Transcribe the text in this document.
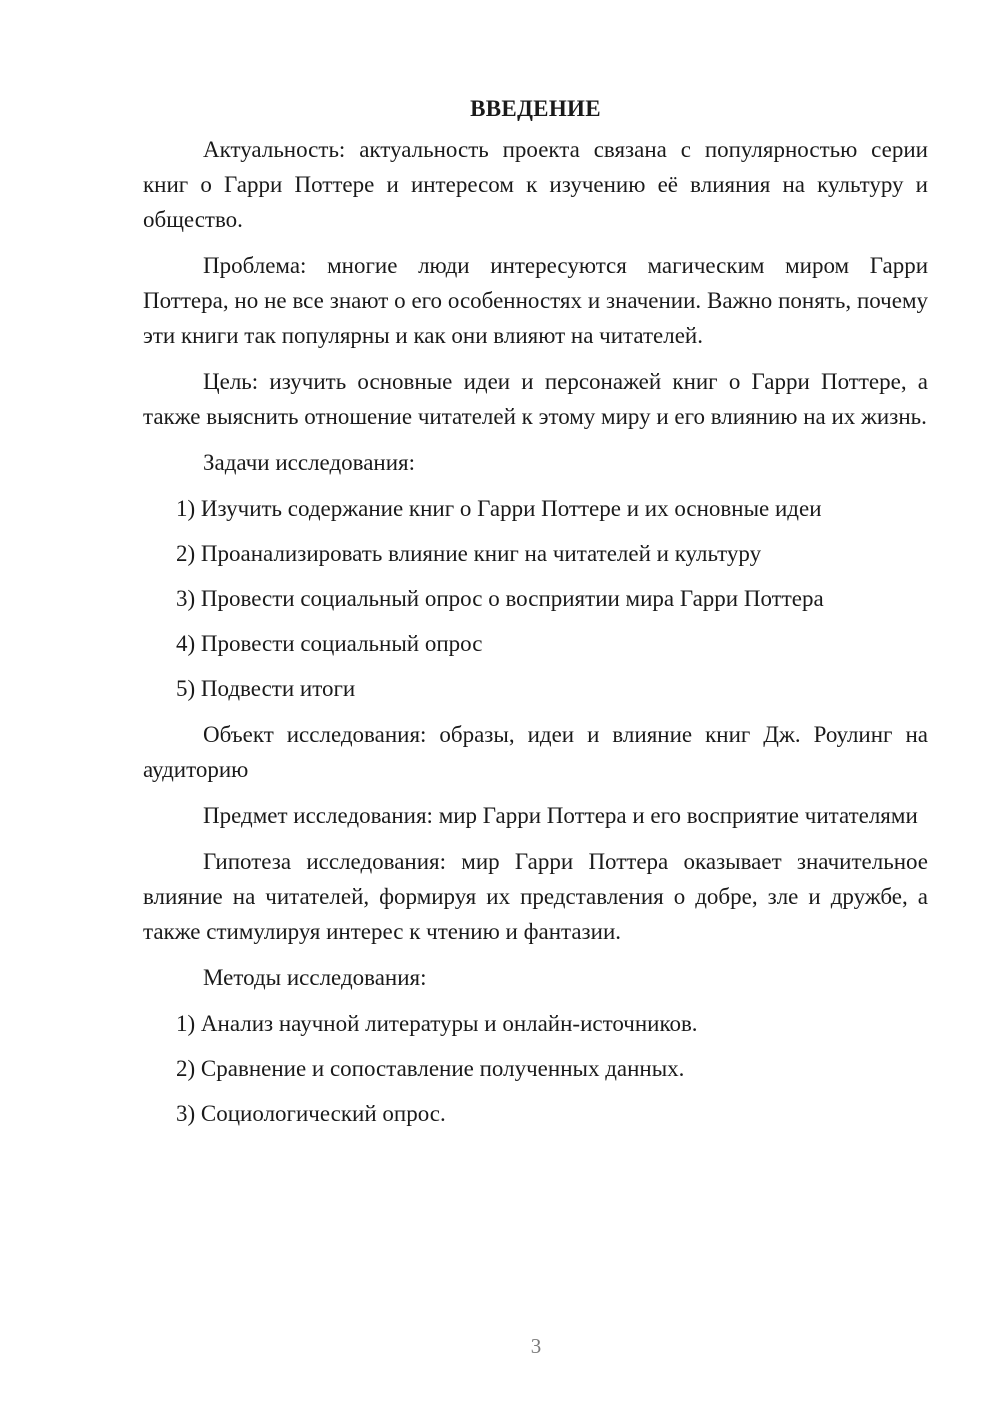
ВВЕДЕНИЕ

Актуальность: актуальность проекта связана с популярностью серии книг о Гарри Поттере и интересом к изучению её влияния на культуру и общество.

Проблема: многие люди интересуются магическим миром Гарри Поттера, но не все знают о его особенностях и значении. Важно понять, почему эти книги так популярны и как они влияют на читателей.

Цель: изучить основные идеи и персонажей книг о Гарри Поттере, а также выяснить отношение читателей к этому миру и его влиянию на их жизнь.

Задачи исследования:

1) Изучить содержание книг о Гарри Поттере и их основные идеи
2) Проанализировать влияние книг на читателей и культуру
3) Провести социальный опрос о восприятии мира Гарри Поттера
4) Провести социальный опрос
5) Подвести итоги

Объект исследования: образы, идеи и влияние книг Дж. Роулинг на аудиторию

Предмет исследования: мир Гарри Поттера и его восприятие читателями

Гипотеза исследования: мир Гарри Поттера оказывает значительное влияние на читателей, формируя их представления о добре, зле и дружбе, а также стимулируя интерес к чтению и фантазии.

Методы исследования:

1) Анализ научной литературы и онлайн-источников.
2) Сравнение и сопоставление полученных данных.
3) Социологический опрос.
3
